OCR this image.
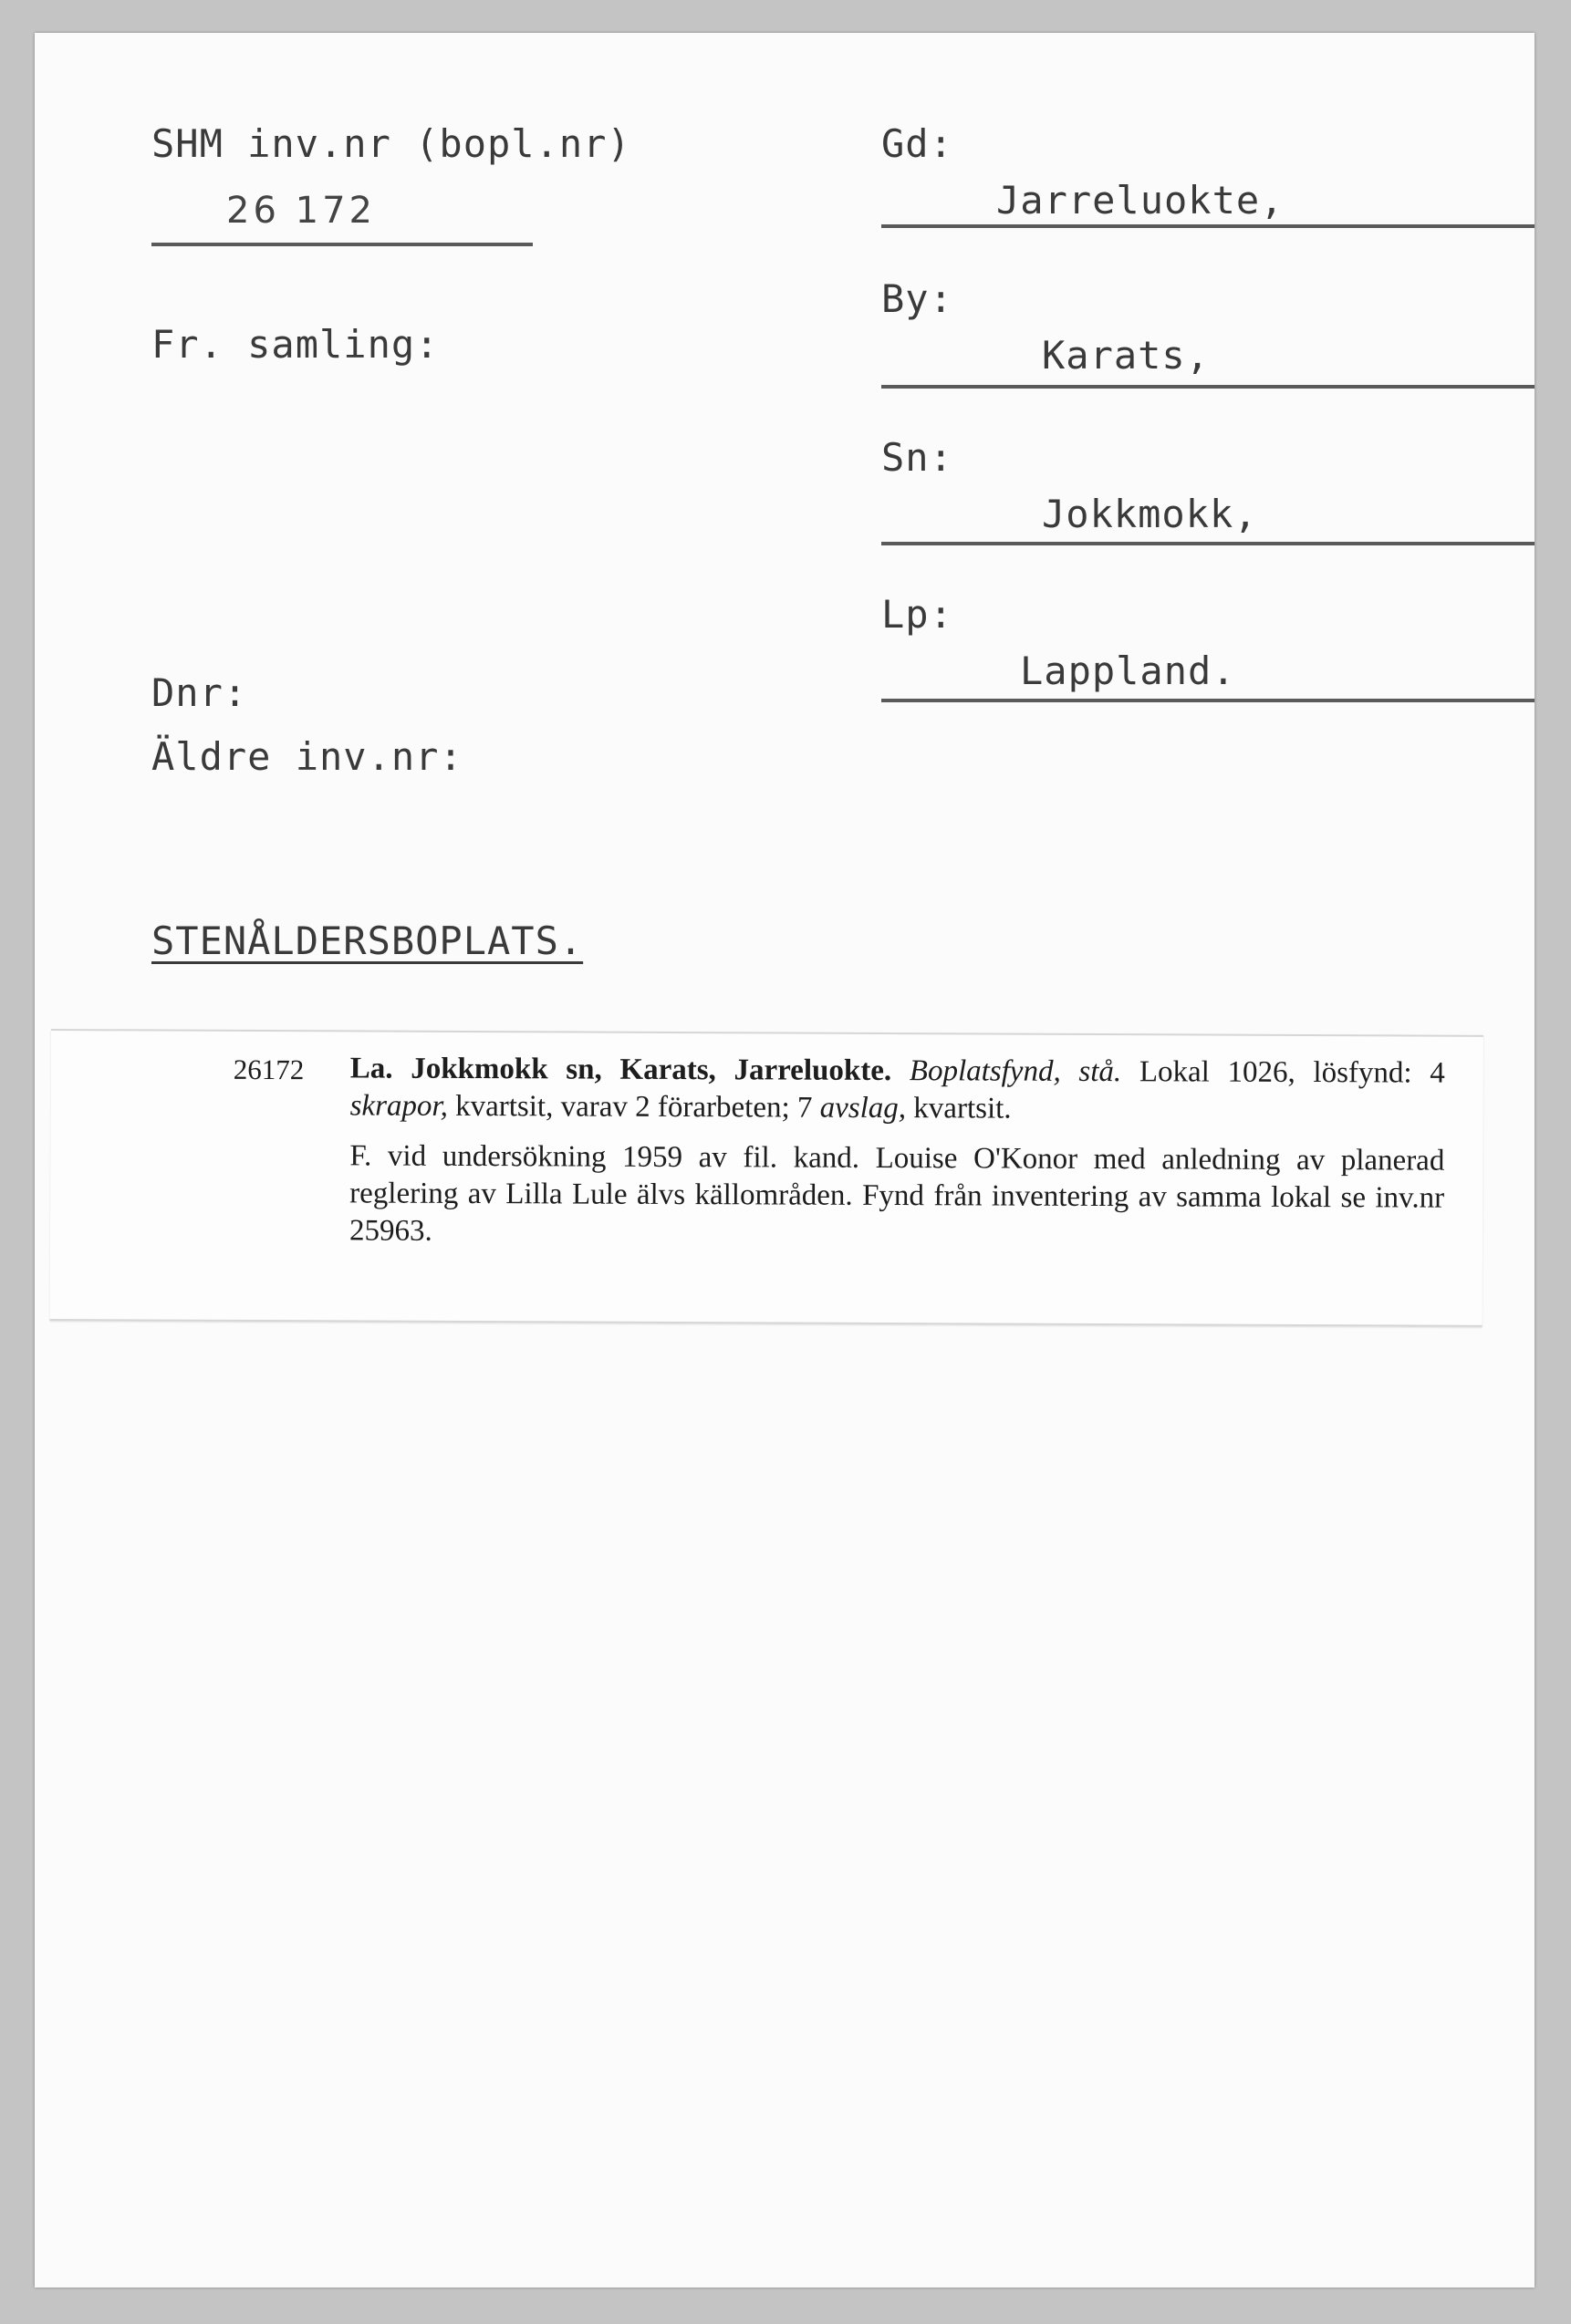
SHM inv.nr (bopl.nr)
26 172
Fr. samling:
Dnr:
Äldre inv.nr:
STENÅLDERSBOPLATS.
Gd:
Jarreluokte,
By:
Karats,
Sn:
Jokkmokk,
Lp:
Lappland.
26172 La. Jokkmokk sn, Karats, Jarreluokte. Boplatsfynd, stå. Lokal 1026, lösfynd: 4 skrapor, kvartsit, varav 2 förarbeten; 7 avslag, kvartsit.

F. vid undersökning 1959 av fil. kand. Louise O'Konor med anledning av planerad reglering av Lilla Lule älvs källområden. Fynd från inventering av samma lokal se inv.nr 25963.
